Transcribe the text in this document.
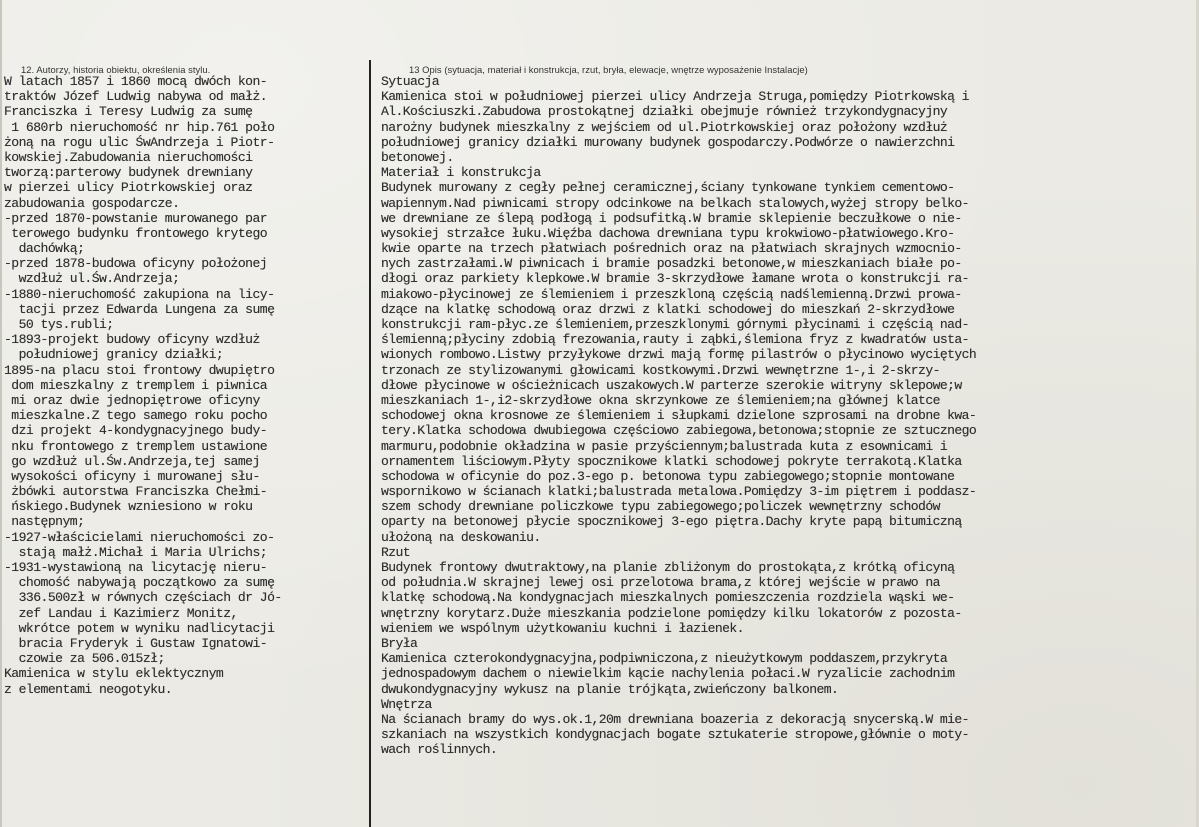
12. Autorzy, historia obiektu, określenia stylu.	13 Opis (sytuacja, materiał i konstrukcja, rzut, bryła, elewacje, wnętrze wyposażenie Instalacje)
W latach 1857 i 1860 mocą dwóch kon-
traktów Józef Ludwig nabywa od małż.
Franciszka i Teresy Ludwig za sumę
1 680rb nieruchomość nr hip.761 poło
żoną na rogu ulic ŚwAndrzeja i Piotr-
kowskiej.Zabudowania nieruchomości
tworzą:parterowy budynek drewniany
w pierzei ulicy Piotrkowskiej oraz
zabudowania gospodarcze.
-przed 1870-powstanie murowanego par
terowego budynku frontowego krytego
dachówką;
-przed 1878-budowa oficyny położonej
wzdłuż ul.Św.Andrzeja;
-1880-nieruchomość zakupiona na licy-
tacji przez Edwarda Lungena za sumę
50 tys.rubli;
-1893-projekt budowy oficyny wzdłuż
południowej granicy działki;
1895-na placu stoi frontowy dwupiętro
dom mieszkalny z tremplem i piwnica
mi oraz dwie jednopiętrowe oficyny
mieszkalne.Z tego samego roku pocho
dzi projekt 4-kondygnacyjnego budy-
nku frontowego z tremplem ustawione
go wzdłuż ul.Św.Andrzeja,tej samej
wysokości oficyny i murowanej słu-
żbówki autorstwa Franciszka Chełmi-
ńskiego.Budynek wzniesiono w roku
następnym;
-1927-właścicielami nieruchomości zo-
stają małż.Michał i Maria Ulrichs;
-1931-wystawioną na licytację nieru-
chomość nabywają początkowo za sumę
336.500zł w równych częściach dr Jó-
zef Landau i Kazimierz Monitz,
wkrótce potem w wyniku nadlicytacji
bracia Fryderyk i Gustaw Ignatowi-
czowie za 506.015zł;
Kamienica w stylu eklektycznym
z elementami neogotyku.
Sytuacja
Kamienica stoi w południowej pierzei ulicy Andrzeja Struga,pomiędzy Piotrkowską i
Al.Kościuszki.Zabudowa prostokątnej działki obejmuje również trzykondygnacyjny
narożny budynek mieszkalny z wejściem od ul.Piotrkowskiej oraz położony wzdłuż
południowej granicy działki murowany budynek gospodarczy.Podwórze o nawierzchni
betonowej.
Materiał i konstrukcja
Budynek murowany z cegły pełnej ceramicznej,ściany tynkowane tynkiem cementowo-
wapiennym.Nad piwnicami stropy odcinkowe na belkach stalowych,wyżej stropy belko-
we drewniane ze ślepą podłogą i podsufitką.W bramie sklepienie beczułkowe o nie-
wysokiej strzałce łuku.Więźba dachowa drewniana typu krokwiowo-płatwiowego.Kro-
kwie oparte na trzech płatwiach pośrednich oraz na płatwiach skrajnych wzmocnio-
nych zastrzałami.W piwnicach i bramie posadzki betonowe,w mieszkaniach białe po-
dłogi oraz parkiety klepkowe.W bramie 3-skrzydłowe łamane wrota o konstrukcji ra-
miakowo-płycinowej ze ślemieniem i przeszkloną częścią nadślemienną.Drzwi prowa-
dzące na klatkę schodową oraz drzwi z klatki schodowej do mieszkań 2-skrzydłowe
konstrukcji ram-płyc.ze ślemieniem,przeszklonymi górnymi płycinami i częścią nad-
ślemienną;płyciny zdobią frezowania,rauty i ząbki,ślemiona fryz z kwadratów usta-
wionych rombowo.Listwy przyłykowe drzwi mają formę pilastrów o płycinowo wyciętych
trzonach ze stylizowanymi głowicami kostkowymi.Drzwi wewnętrzne 1-,i 2-skrzy-
dłowe płycinowe w ościeżnicach uszakowych.W parterze szerokie witryny sklepowe;w
mieszkaniach 1-,i2-skrzydłowe okna skrzynkowe ze ślemieniem;na głównej klatce
schodowej okna krosnowe ze ślemieniem i słupkami dzielone szprosami na drobne kwa-
tery.Klatka schodowa dwubiegowa częściowo zabiegowa,betonowa;stopnie ze sztucznego
marmuru,podobnie okładzina w pasie przyściennym;balustrada kuta z esownicami i
ornamentem liściowym.Płyty spocznikowe klatki schodowej pokryte terrakotą.Klatka
schodowa w oficynie do poz.3-ego p. betonowa typu zabiegowego;stopnie montowane
wspornikowo w ścianach klatki;balustrada metalowa.Pomiędzy 3-im piętrem i poddasz-
szem schody drewniane policzkowe typu zabiegowego;policzek wewnętrzny schodów
oparty na betonowej płycie spocznikowej 3-ego piętra.Dachy kryte papą bitumiczną
ułożoną na deskowaniu.
Rzut
Budynek frontowy dwutraktowy,na planie zbliżonym do prostokąta,z krótką oficyną
od południa.W skrajnej lewej osi przelotowa brama,z której wejście w prawo na
klatkę schodową.Na kondygnacjach mieszkalnych pomieszczenia rozdziela wąski we-
wnętrzny korytarz.Duże mieszkania podzielone pomiędzy kilku lokatorów z pozosta-
wieniem we wspólnym użytkowaniu kuchni i łazienek.
Bryła
Kamienica czterokondygnacyjna,podpiwniczona,z nieużytkowym poddaszem,przykryta
jednospadowym dachem o niewielkim kącie nachylenia połaci.W ryzalicie zachodnim
dwukondygnacyjny wykusz na planie trójkąta,zwieńczony balkonem.
Wnętrza
Na ścianach bramy do wys.ok.1,20m drewniana boazeria z dekoracją snycerską.W mie-
szkaniach na wszystkich kondygnacjach bogate sztukaterie stropowe,głównie o moty-
wach roślinnych.
